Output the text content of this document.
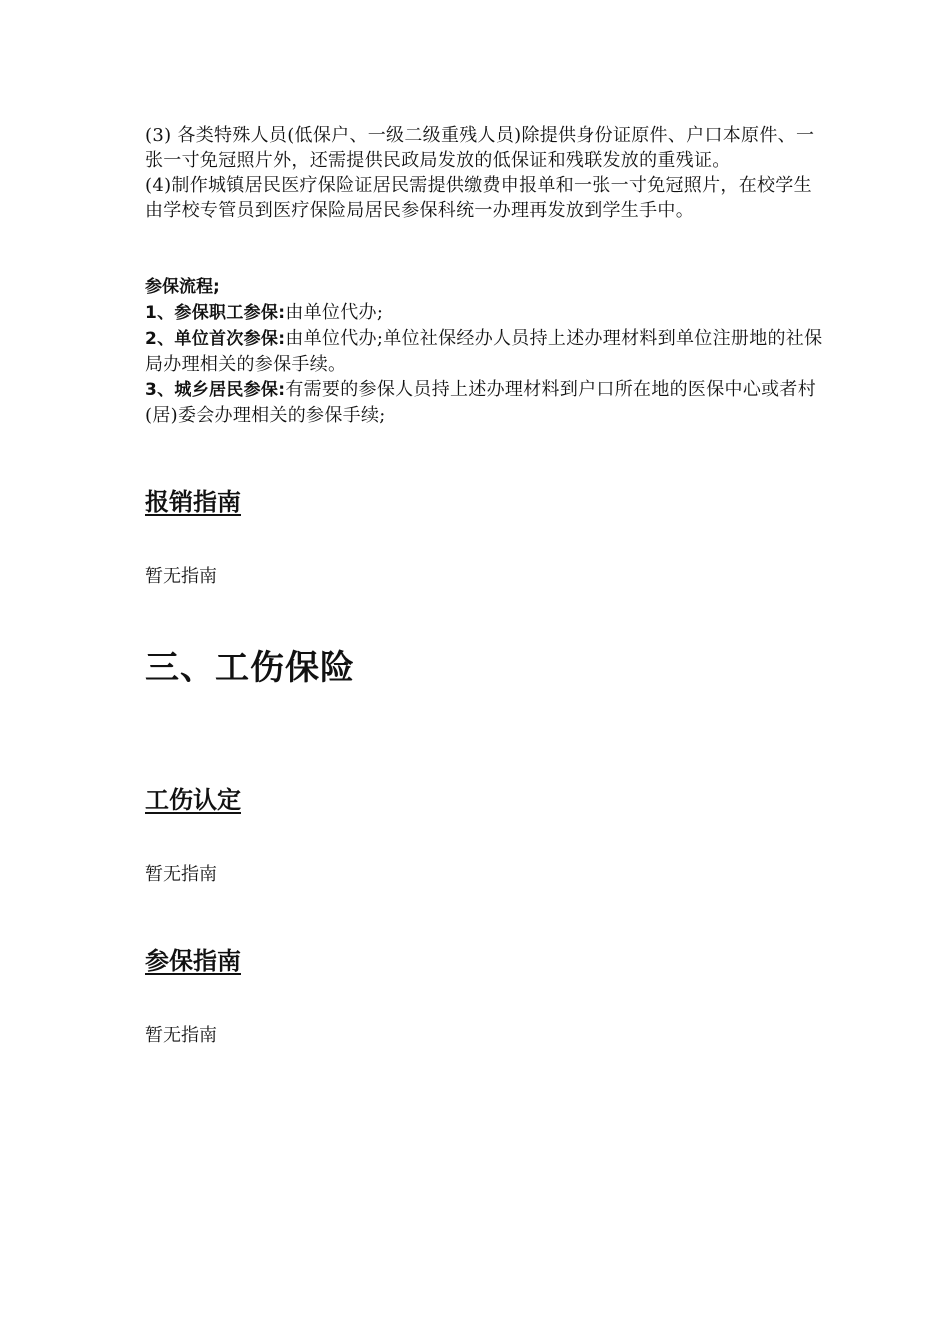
(3) 各类特殊人员(低保户、一级二级重残人员)除提供身份证原件、户口本原件、一张一寸免冠照片外，还需提供民政局发放的低保证和残联发放的重残证。

(4)制作城镇居民医疗保险证居民需提供缴费申报单和一张一寸免冠照片，在校学生由学校专管员到医疗保险局居民参保科统一办理再发放到学生手中。

参保流程;

1、参保职工参保:由单位代办;

2、单位首次参保:由单位代办;单位社保经办人员持上述办理材料到单位注册地的社保局办理相关的参保手续。

3、城乡居民参保:有需要的参保人员持上述办理材料到户口所在地的医保中心或者村(居)委会办理相关的参保手续;

报销指南

暂无指南

三、工伤保险
工伤认定

暂无指南

参保指南

暂无指南
